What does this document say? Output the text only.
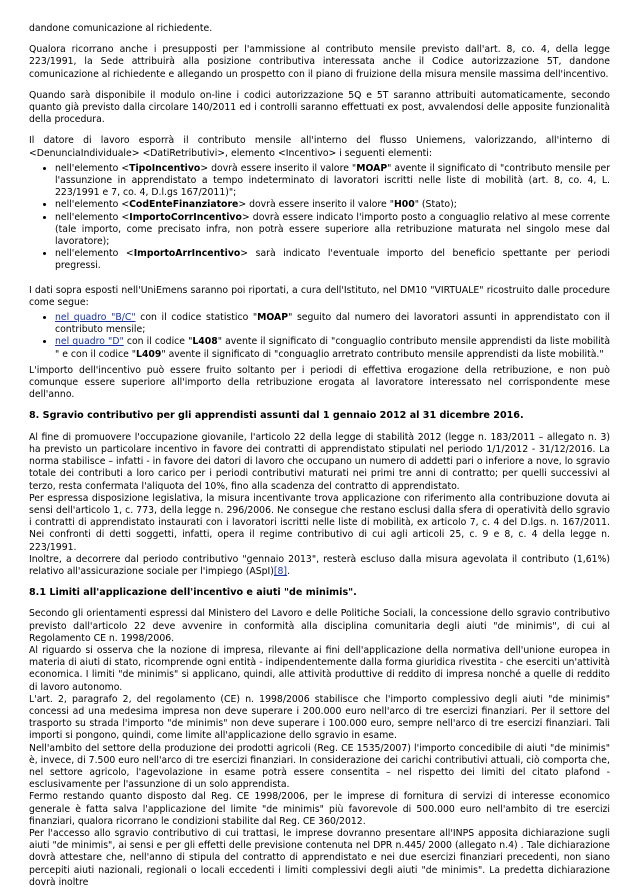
dandone comunicazione al richiedente.

Qualora ricorrano anche i presupposti per l'ammissione al contributo mensile previsto dall'art. 8, co. 4, della legge 223/1991, la Sede attribuirà alla posizione contributiva interessata anche il Codice autorizzazione 5T, dandone comunicazione al richiedente e allegando un prospetto con il piano di fruizione della misura mensile massima dell'incentivo.

Quando sarà disponibile il modulo on-line i codici autorizzazione 5Q e 5T saranno attribuiti automaticamente, secondo quanto già previsto dalla circolare 140/2011 ed i controlli saranno effettuati ex post, avvalendosi delle apposite funzionalità della procedura.

Il datore di lavoro esporrà il contributo mensile all'interno del flusso Uniemens, valorizzando, all'interno di <DenunciaIndividuale> <DatiRetributivi>, elemento <Incentivo> i seguenti elementi:

• nell'elemento <TipoIncentivo> dovrà essere inserito il valore "MOAP" avente il significato di "contributo mensile per l'assunzione in apprendistato a tempo indeterminato di lavoratori iscritti nelle liste di mobilità (art. 8, co. 4, L. 223/1991 e 7, co. 4, D.l.gs 167/2011)";
• nell'elemento <CodEnteFinanziatore> dovrà essere inserito il valore "H00" (Stato);
• nell'elemento <ImportoCorrIncentivo> dovrà essere indicato l'importo posto a conguaglio relativo al mese corrente (tale importo, come precisato infra, non potrà essere superiore alla retribuzione maturata nel singolo mese dal lavoratore);
• nell'elemento <ImportoArrIncentivo> sarà indicato l'eventuale importo del beneficio spettante per periodi pregressi.

I dati sopra esposti nell'UniEmens saranno poi riportati, a cura dell'Istituto, nel DM10 "VIRTUALE" ricostruito dalle procedure come segue:

• nel quadro "B/C" con il codice statistico "MOAP" seguito dal numero dei lavoratori assunti in apprendistato con il contributo mensile;
• nel quadro "D" con il codice "L408" avente il significato di "conguaglio contributo mensile apprendisti da liste mobilità " e con il codice "L409" avente il significato di "conguaglio arretrato contributo mensile apprendisti da liste mobilità."

L'importo dell'incentivo può essere fruito soltanto per i periodi di effettiva erogazione della retribuzione, e non può comunque essere superiore all'importo della retribuzione erogata al lavoratore interessato nel corrispondente mese dell'anno.

8. Sgravio contributivo per gli apprendisti assunti dal 1 gennaio 2012 al 31 dicembre 2016.

Al fine di promuovere l'occupazione giovanile, l'articolo 22 della legge di stabilità 2012 (legge n. 183/2011 – allegato n. 3) ha previsto un particolare incentivo in favore dei contratti di apprendistato stipulati nel periodo 1/1/2012 - 31/12/2016. La norma stabilisce – infatti - in favore dei datori di lavoro che occupano un numero di addetti pari o inferiore a nove, lo sgravio totale dei contributi a loro carico per i periodi contributivi maturati nei primi tre anni di contratto; per quelli successivi al terzo, resta confermata l'aliquota del 10%, fino alla scadenza del contratto di apprendistato.

Per espressa disposizione legislativa, la misura incentivante trova applicazione con riferimento alla contribuzione dovuta ai sensi dell'articolo 1, c. 773, della legge n. 296/2006. Ne consegue che restano esclusi dalla sfera di operatività dello sgravio i contratti di apprendistato instaurati con i lavoratori iscritti nelle liste di mobilità, ex articolo 7, c. 4 del D.lgs. n. 167/2011. Nei confronti di detti soggetti, infatti, opera il regime contributivo di cui agli articoli 25, c. 9 e 8, c. 4 della legge n. 223/1991.

Inoltre, a decorrere dal periodo contributivo "gennaio 2013", resterà escluso dalla misura agevolata il contributo (1,61%) relativo all'assicurazione sociale per l'impiego (ASpI)[8].

8.1 Limiti all'applicazione dell'incentivo e aiuti "de minimis".

Secondo gli orientamenti espressi dal Ministero del Lavoro e delle Politiche Sociali, la concessione dello sgravio contributivo previsto dall'articolo 22 deve avvenire in conformità alla disciplina comunitaria degli aiuti "de minimis", di cui al Regolamento CE n. 1998/2006.

Al riguardo si osserva che la nozione di impresa, rilevante ai fini dell'applicazione della normativa dell'unione europea in materia di aiuti di stato, ricomprende ogni entità - indipendentemente dalla forma giuridica rivestita - che eserciti un'attività economica. I limiti "de minimis" si applicano, quindi, alle attività produttive di reddito di impresa nonché a quelle di reddito di lavoro autonomo.

L'art. 2, paragrafo 2, del regolamento (CE) n. 1998/2006 stabilisce che l'importo complessivo degli aiuti "de minimis" concessi ad una medesima impresa non deve superare i 200.000 euro nell'arco di tre esercizi finanziari. Per il settore del trasporto su strada l'importo "de minimis" non deve superare i 100.000 euro, sempre nell'arco di tre esercizi finanziari. Tali importi si pongono, quindi, come limite all'applicazione dello sgravio in esame.

Nell'ambito del settore della produzione dei prodotti agricoli (Reg. CE 1535/2007) l'importo concedibile di aiuti "de minimis" è, invece, di 7.500 euro nell'arco di tre esercizi finanziari. In considerazione dei carichi contributivi attuali, ciò comporta che, nel settore agricolo, l'agevolazione in esame potrà essere consentita – nel rispetto dei limiti del citato plafond - esclusivamente per l'assunzione di un solo apprendista.

Fermo restando quanto disposto dal Reg. CE 1998/2006, per le imprese di fornitura di servizi di interesse economico generale è fatta salva l'applicazione del limite "de minimis" più favorevole di 500.000 euro nell'ambito di tre esercizi finanziari, qualora ricorrano le condizioni stabilite dal Reg. CE 360/2012.

Per l'accesso allo sgravio contributivo di cui trattasi, le imprese dovranno presentare all'INPS apposita dichiarazione sugli aiuti "de minimis", ai sensi e per gli effetti delle previsione contenuta nel DPR n.445/ 2000 (allegato n.4) . Tale dichiarazione dovrà attestare che, nell'anno di stipula del contratto di apprendistato e nei due esercizi finanziari precedenti, non siano percepiti aiuti nazionali, regionali o locali eccedenti i limiti complessivi degli aiuti "de minimis". La predetta dichiarazione dovrà inoltre
